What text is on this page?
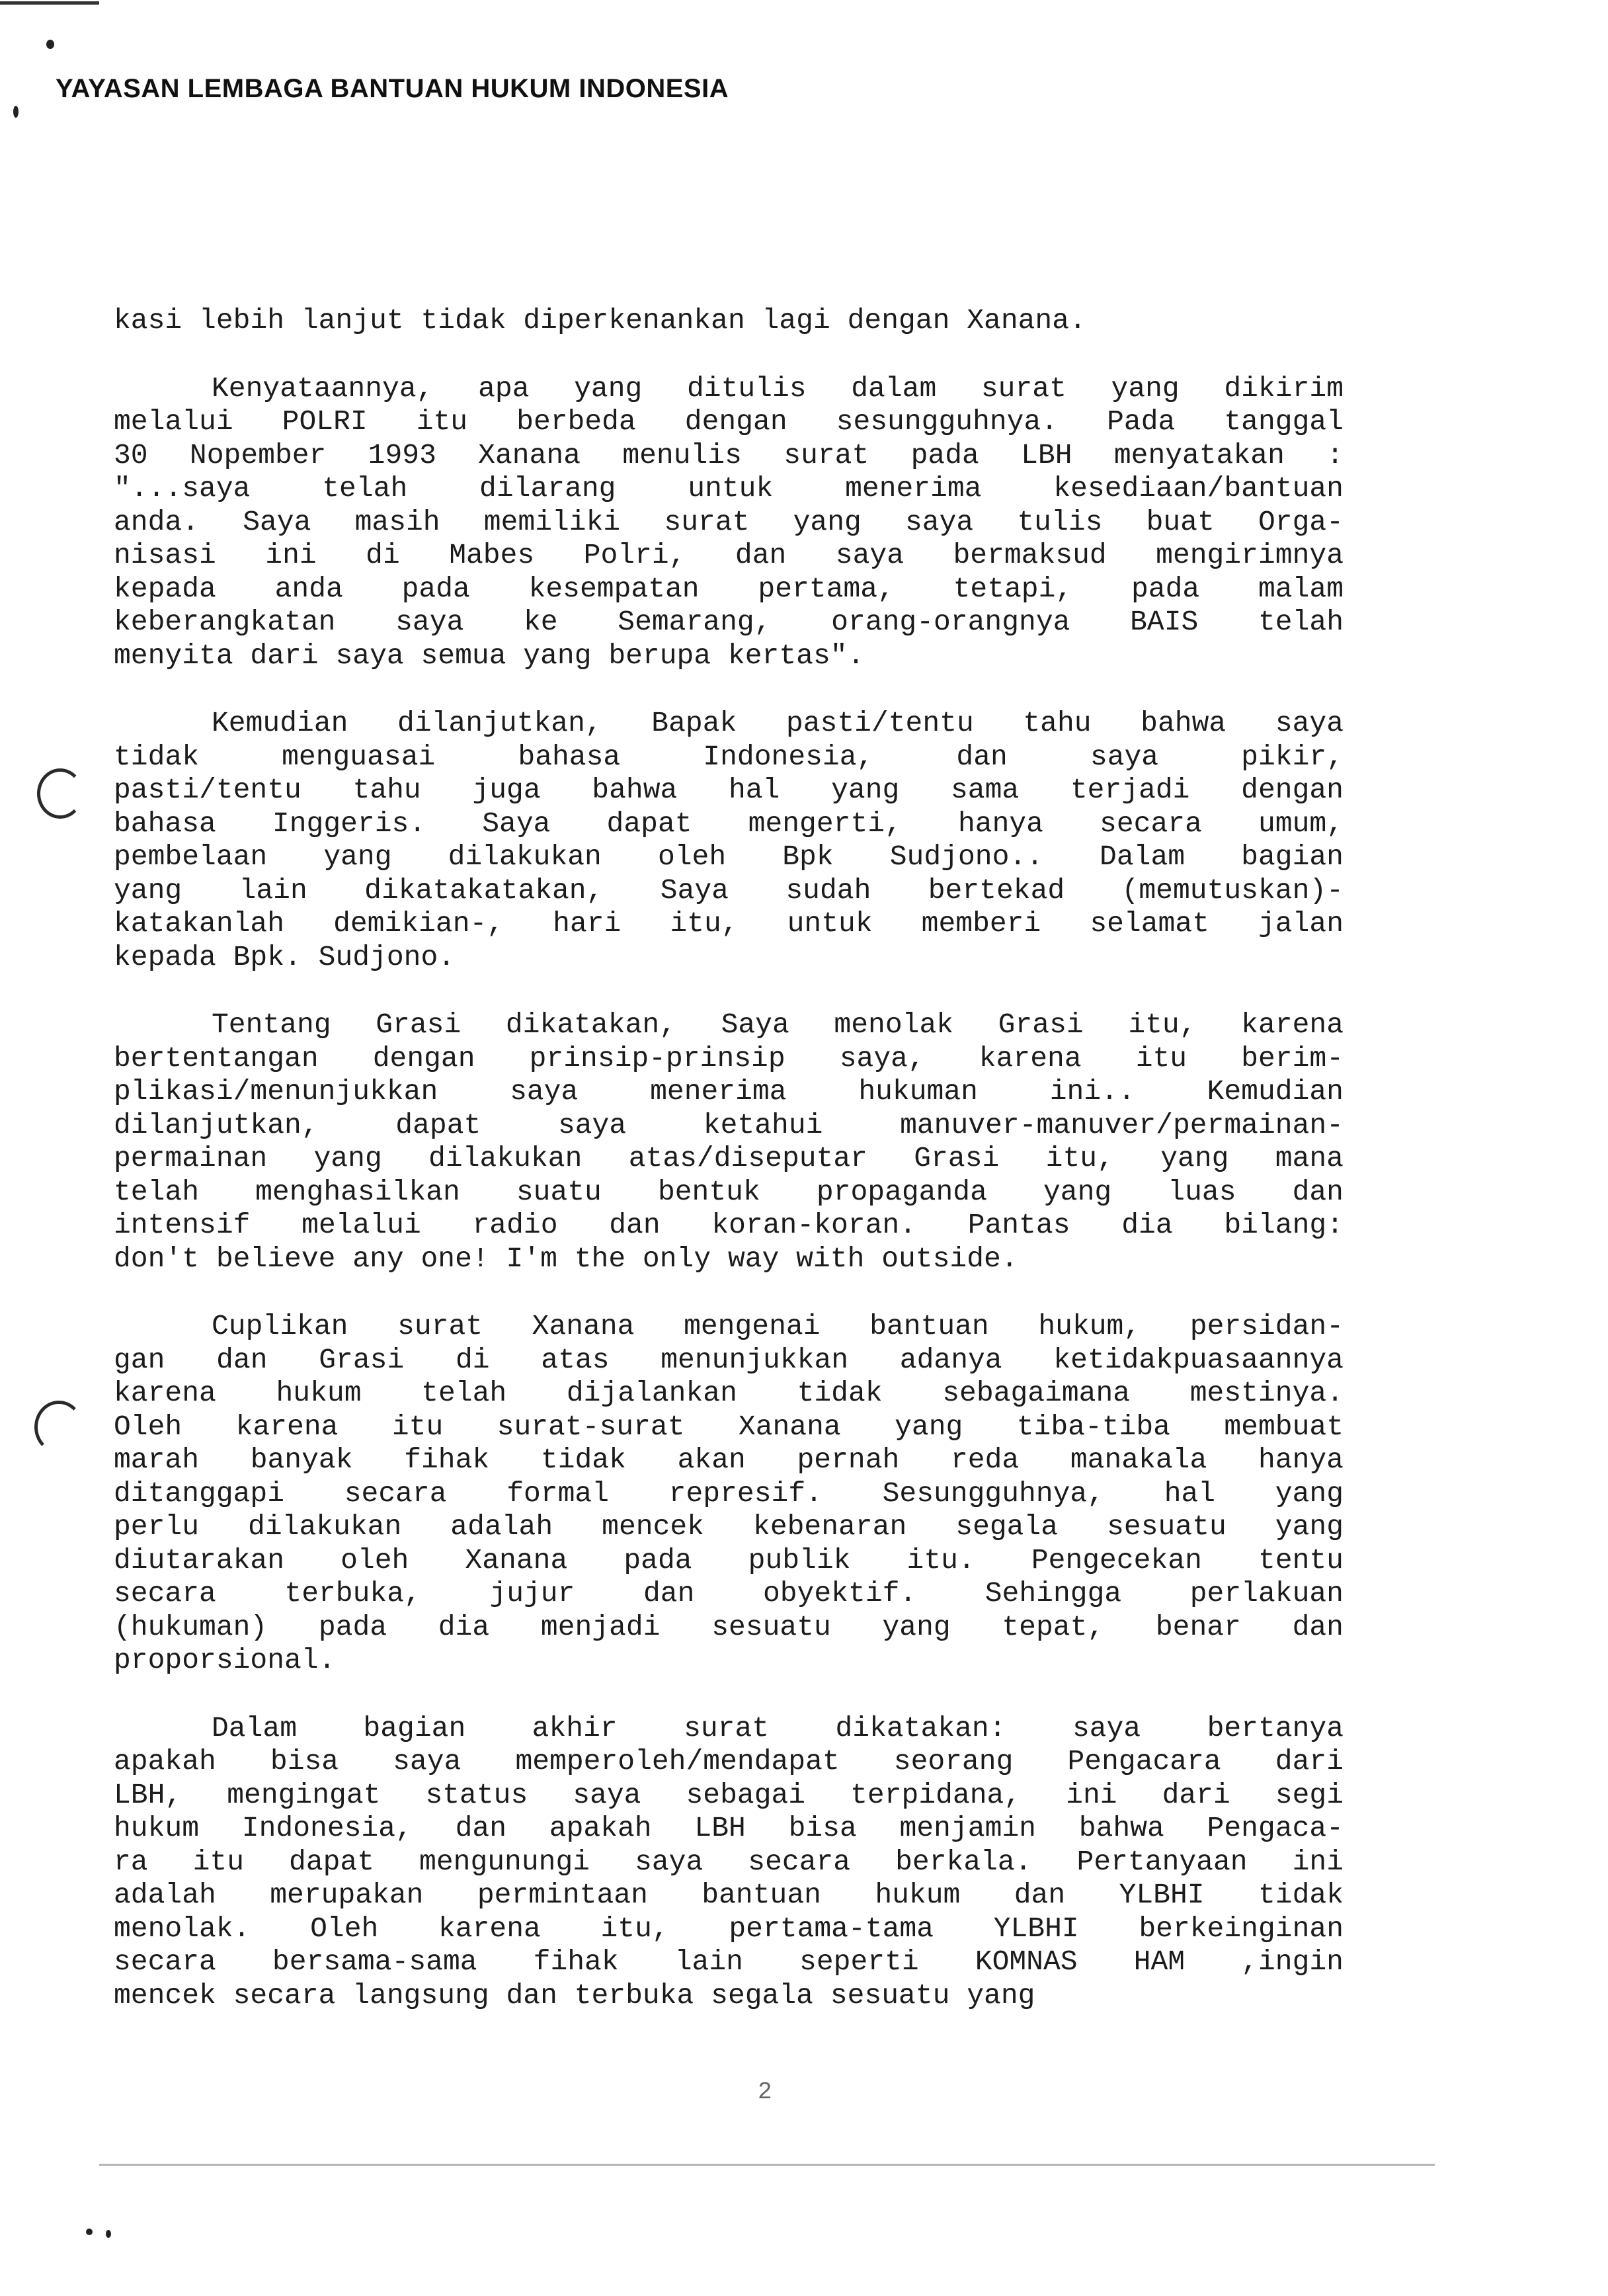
YAYASAN LEMBAGA BANTUAN HUKUM INDONESIA
kasi lebih lanjut tidak diperkenankan lagi dengan Xanana.
Kenyataannya, apa yang ditulis dalam surat yang dikirim
melalui POLRI itu berbeda dengan sesungguhnya. Pada tanggal
30 Nopember 1993 Xanana menulis surat pada LBH menyatakan :
"...saya telah dilarang untuk menerima kesediaan/bantuan
anda. Saya masih memiliki surat yang saya tulis buat Orga-
nisasi ini di Mabes Polri, dan saya bermaksud mengirimnya
kepada anda pada kesempatan pertama, tetapi, pada malam
keberangkatan saya ke Semarang, orang-orangnya BAIS telah
menyita dari saya semua yang berupa kertas".
Kemudian dilanjutkan, Bapak pasti/tentu tahu bahwa saya
tidak menguasai bahasa Indonesia, dan saya pikir,
pasti/tentu tahu juga bahwa hal yang sama terjadi dengan
bahasa Inggeris. Saya dapat mengerti, hanya secara umum,
pembelaan yang dilakukan oleh Bpk Sudjono.. Dalam bagian
yang lain dikatakatakan, Saya sudah bertekad (memutuskan)-
katakanlah demikian-, hari itu, untuk memberi selamat jalan
kepada Bpk. Sudjono.
Tentang Grasi dikatakan, Saya menolak Grasi itu, karena
bertentangan dengan prinsip-prinsip saya, karena itu berim-
plikasi/menunjukkan saya menerima hukuman ini.. Kemudian
dilanjutkan, dapat saya ketahui manuver-manuver/permainan-
permainan yang dilakukan atas/diseputar Grasi itu, yang mana
telah menghasilkan suatu bentuk propaganda yang luas dan
intensif melalui radio dan koran-koran. Pantas dia bilang:
don't believe any one! I'm the only way with outside.
Cuplikan surat Xanana mengenai bantuan hukum, persidan-
gan dan Grasi di atas menunjukkan adanya ketidakpuasaannya
karena hukum telah dijalankan tidak sebagaimana mestinya.
Oleh karena itu surat-surat Xanana yang tiba-tiba membuat
marah banyak fihak tidak akan pernah reda manakala hanya
ditanggapi secara formal represif. Sesungguhnya, hal yang
perlu dilakukan adalah mencek kebenaran segala sesuatu yang
diutarakan oleh Xanana pada publik itu. Pengecekan tentu
secara terbuka, jujur dan obyektif. Sehingga perlakuan
(hukuman) pada dia menjadi sesuatu yang tepat, benar dan
proporsional.
Dalam bagian akhir surat dikatakan: saya bertanya
apakah bisa saya memperoleh/mendapat seorang Pengacara dari
LBH, mengingat status saya sebagai terpidana, ini dari segi
hukum Indonesia, dan apakah LBH bisa menjamin bahwa Pengaca-
ra itu dapat mengunungi saya secara berkala. Pertanyaan ini
adalah merupakan permintaan bantuan hukum dan YLBHI tidak
menolak. Oleh karena itu, pertama-tama YLBHI berkeinginan
secara bersama-sama fihak lain seperti KOMNAS HAM ,ingin
mencek secara langsung dan terbuka segala sesuatu yang
2
